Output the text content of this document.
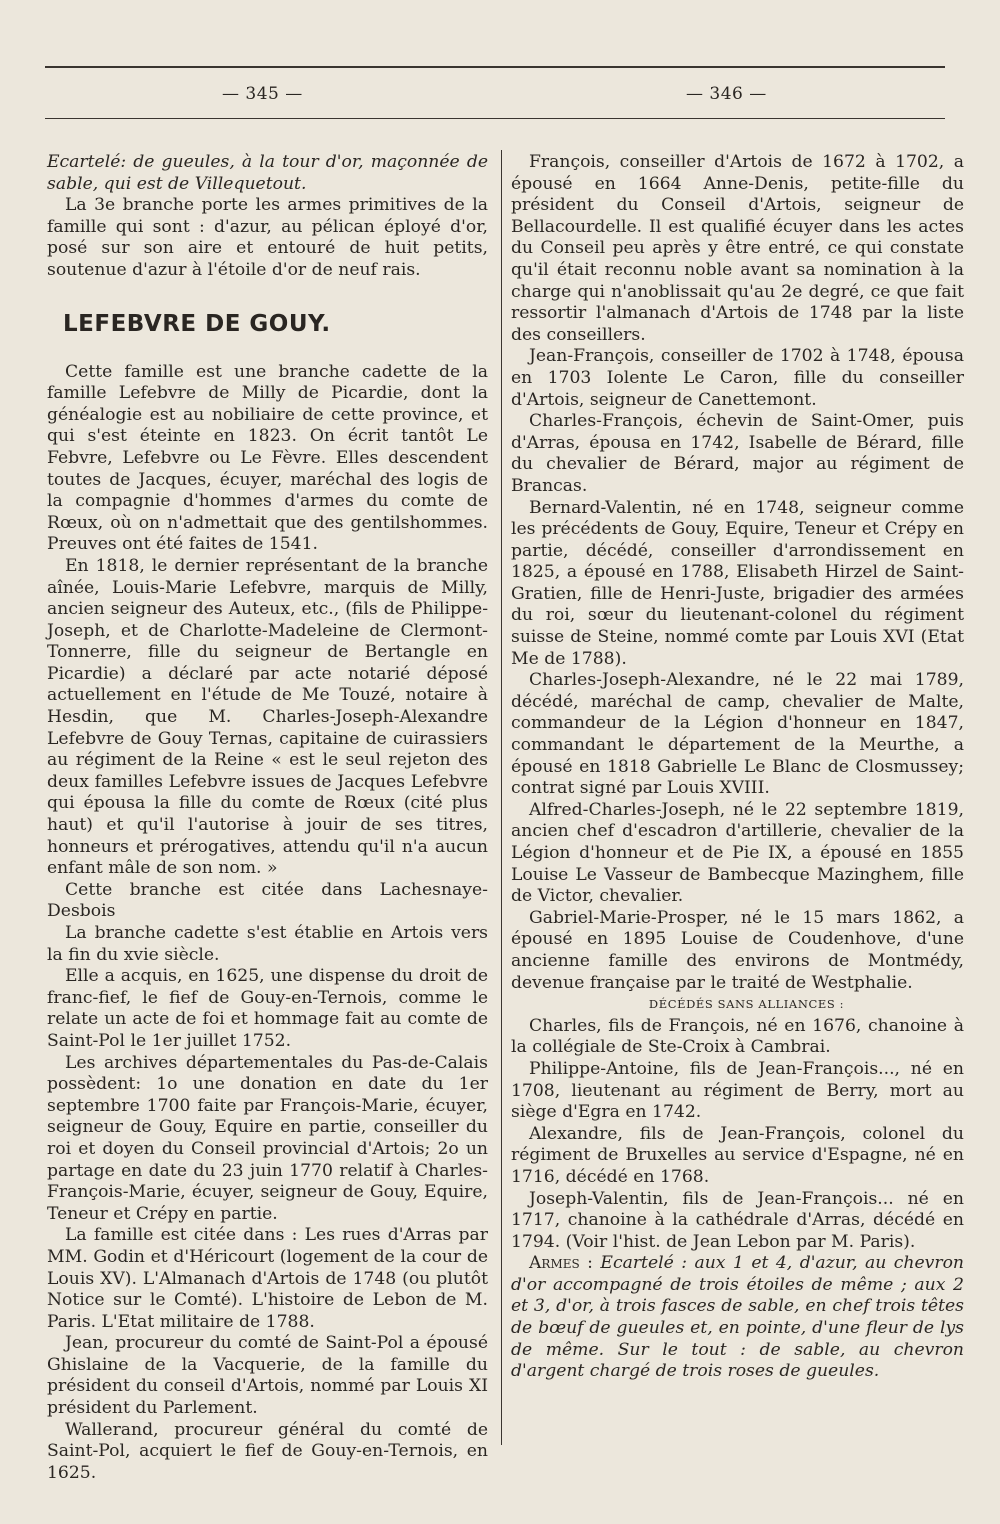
— 345 —	— 346 —

Ecartelé: de gueules, à la tour d'or, maçonnée de sable, qui est de Villequetout.

La 3e branche porte les armes primitives de la famille qui sont : d'azur, au pélican éployé d'or, posé sur son aire et entouré de huit petits, soutenue d'azur à l'étoile d'or de neuf rais.

LEFEBVRE DE GOUY.

Cette famille est une branche cadette de la famille Lefebvre de Milly de Picardie, dont la généalogie est au nobiliaire de cette province, et qui s'est éteinte en 1823. On écrit tantôt Le Febvre, Lefebvre ou Le Fèvre. Elles descendent toutes de Jacques, écuyer, maréchal des logis de la compagnie d'hommes d'armes du comte de Rœux, où on n'admettait que des gentilshommes. Preuves ont été faites de 1541.

En 1818, le dernier représentant de la branche aînée, Louis-Marie Lefebvre, marquis de Milly, ancien seigneur des Auteux, etc., (fils de Philippe-Joseph, et de Charlotte-Madeleine de Clermont-Tonnerre, fille du seigneur de Bertangle en Picardie) a déclaré par acte notarié déposé actuellement en l'étude de Me Touzé, notaire à Hesdin, que M. Charles-Joseph-Alexandre Lefebvre de Gouy Ternas, capitaine de cuirassiers au régiment de la Reine « est le seul rejeton des deux familles Lefebvre issues de Jacques Lefebvre qui épousa la fille du comte de Rœux (cité plus haut) et qu'il l'autorise à jouir de ses titres, honneurs et prérogatives, attendu qu'il n'a aucun enfant mâle de son nom. »

Cette branche est citée dans Lachesnaye-Desbois

La branche cadette s'est établie en Artois vers la fin du xvie siècle.

Elle a acquis, en 1625, une dispense du droit de franc-fief, le fief de Gouy-en-Ternois, comme le relate un acte de foi et hommage fait au comte de Saint-Pol le 1er juillet 1752.

Les archives départementales du Pas-de-Calais possèdent: 1o une donation en date du 1er septembre 1700 faite par François-Marie, écuyer, seigneur de Gouy, Equire en partie, conseiller du roi et doyen du Conseil provincial d'Artois; 2o un partage en date du 23 juin 1770 relatif à Charles-François-Marie, écuyer, seigneur de Gouy, Equire, Teneur et Crépy en partie.

La famille est citée dans : Les rues d'Arras par MM. Godin et d'Héricourt (logement de la cour de Louis XV). L'Almanach d'Artois de 1748 (ou plutôt Notice sur le Comté). L'histoire de Lebon de M. Paris. L'Etat militaire de 1788.

Jean, procureur du comté de Saint-Pol a épousé Ghislaine de la Vacquerie, de la famille du président du conseil d'Artois, nommé par Louis XI président du Parlement.

Wallerand, procureur général du comté de Saint-Pol, acquiert le fief de Gouy-en-Ternois, en 1625.

François, conseiller d'Artois de 1672 à 1702, a épousé en 1664 Anne-Denis, petite-fille du président du Conseil d'Artois, seigneur de Bellacourdelle. Il est qualifié écuyer dans les actes du Conseil peu après y être entré, ce qui constate qu'il était reconnu noble avant sa nomination à la charge qui n'anoblissait qu'au 2e degré, ce que fait ressortir l'almanach d'Artois de 1748 par la liste des conseillers.

Jean-François, conseiller de 1702 à 1748, épousa en 1703 Iolente Le Caron, fille du conseiller d'Artois, seigneur de Canettemont.

Charles-François, échevin de Saint-Omer, puis d'Arras, épousa en 1742, Isabelle de Bérard, fille du chevalier de Bérard, major au régiment de Brancas.

Bernard-Valentin, né en 1748, seigneur comme les précédents de Gouy, Equire, Teneur et Crépy en partie, décédé, conseiller d'arrondissement en 1825, a épousé en 1788, Elisabeth Hirzel de Saint-Gratien, fille de Henri-Juste, brigadier des armées du roi, sœur du lieutenant-colonel du régiment suisse de Steine, nommé comte par Louis XVI (Etat Me de 1788).

Charles-Joseph-Alexandre, né le 22 mai 1789, décédé, maréchal de camp, chevalier de Malte, commandeur de la Légion d'honneur en 1847, commandant le département de la Meurthe, a épousé en 1818 Gabrielle Le Blanc de Closmussey; contrat signé par Louis XVIII.

Alfred-Charles-Joseph, né le 22 septembre 1819, ancien chef d'escadron d'artillerie, chevalier de la Légion d'honneur et de Pie IX, a épousé en 1855 Louise Le Vasseur de Bambecque Mazinghem, fille de Victor, chevalier.

Gabriel-Marie-Prosper, né le 15 mars 1862, a épousé en 1895 Louise de Coudenhove, d'une ancienne famille des environs de Montmédy, devenue française par le traité de Westphalie.

DÉCÉDÉS SANS ALLIANCES :

Charles, fils de François, né en 1676, chanoine à la collégiale de Ste-Croix à Cambrai.

Philippe-Antoine, fils de Jean-François..., né en 1708, lieutenant au régiment de Berry, mort au siège d'Egra en 1742.

Alexandre, fils de Jean-François, colonel du régiment de Bruxelles au service d'Espagne, né en 1716, décédé en 1768.

Joseph-Valentin, fils de Jean-François... né en 1717, chanoine à la cathédrale d'Arras, décédé en 1794. (Voir l'hist. de Jean Lebon par M. Paris).

Armes : Ecartelé : aux 1 et 4, d'azur, au chevron d'or accompagné de trois étoiles de même ; aux 2 et 3, d'or, à trois fasces de sable, en chef trois têtes de bœuf de gueules et, en pointe, d'une fleur de lys de même. Sur le tout : de sable, au chevron d'argent chargé de trois roses de gueules.
